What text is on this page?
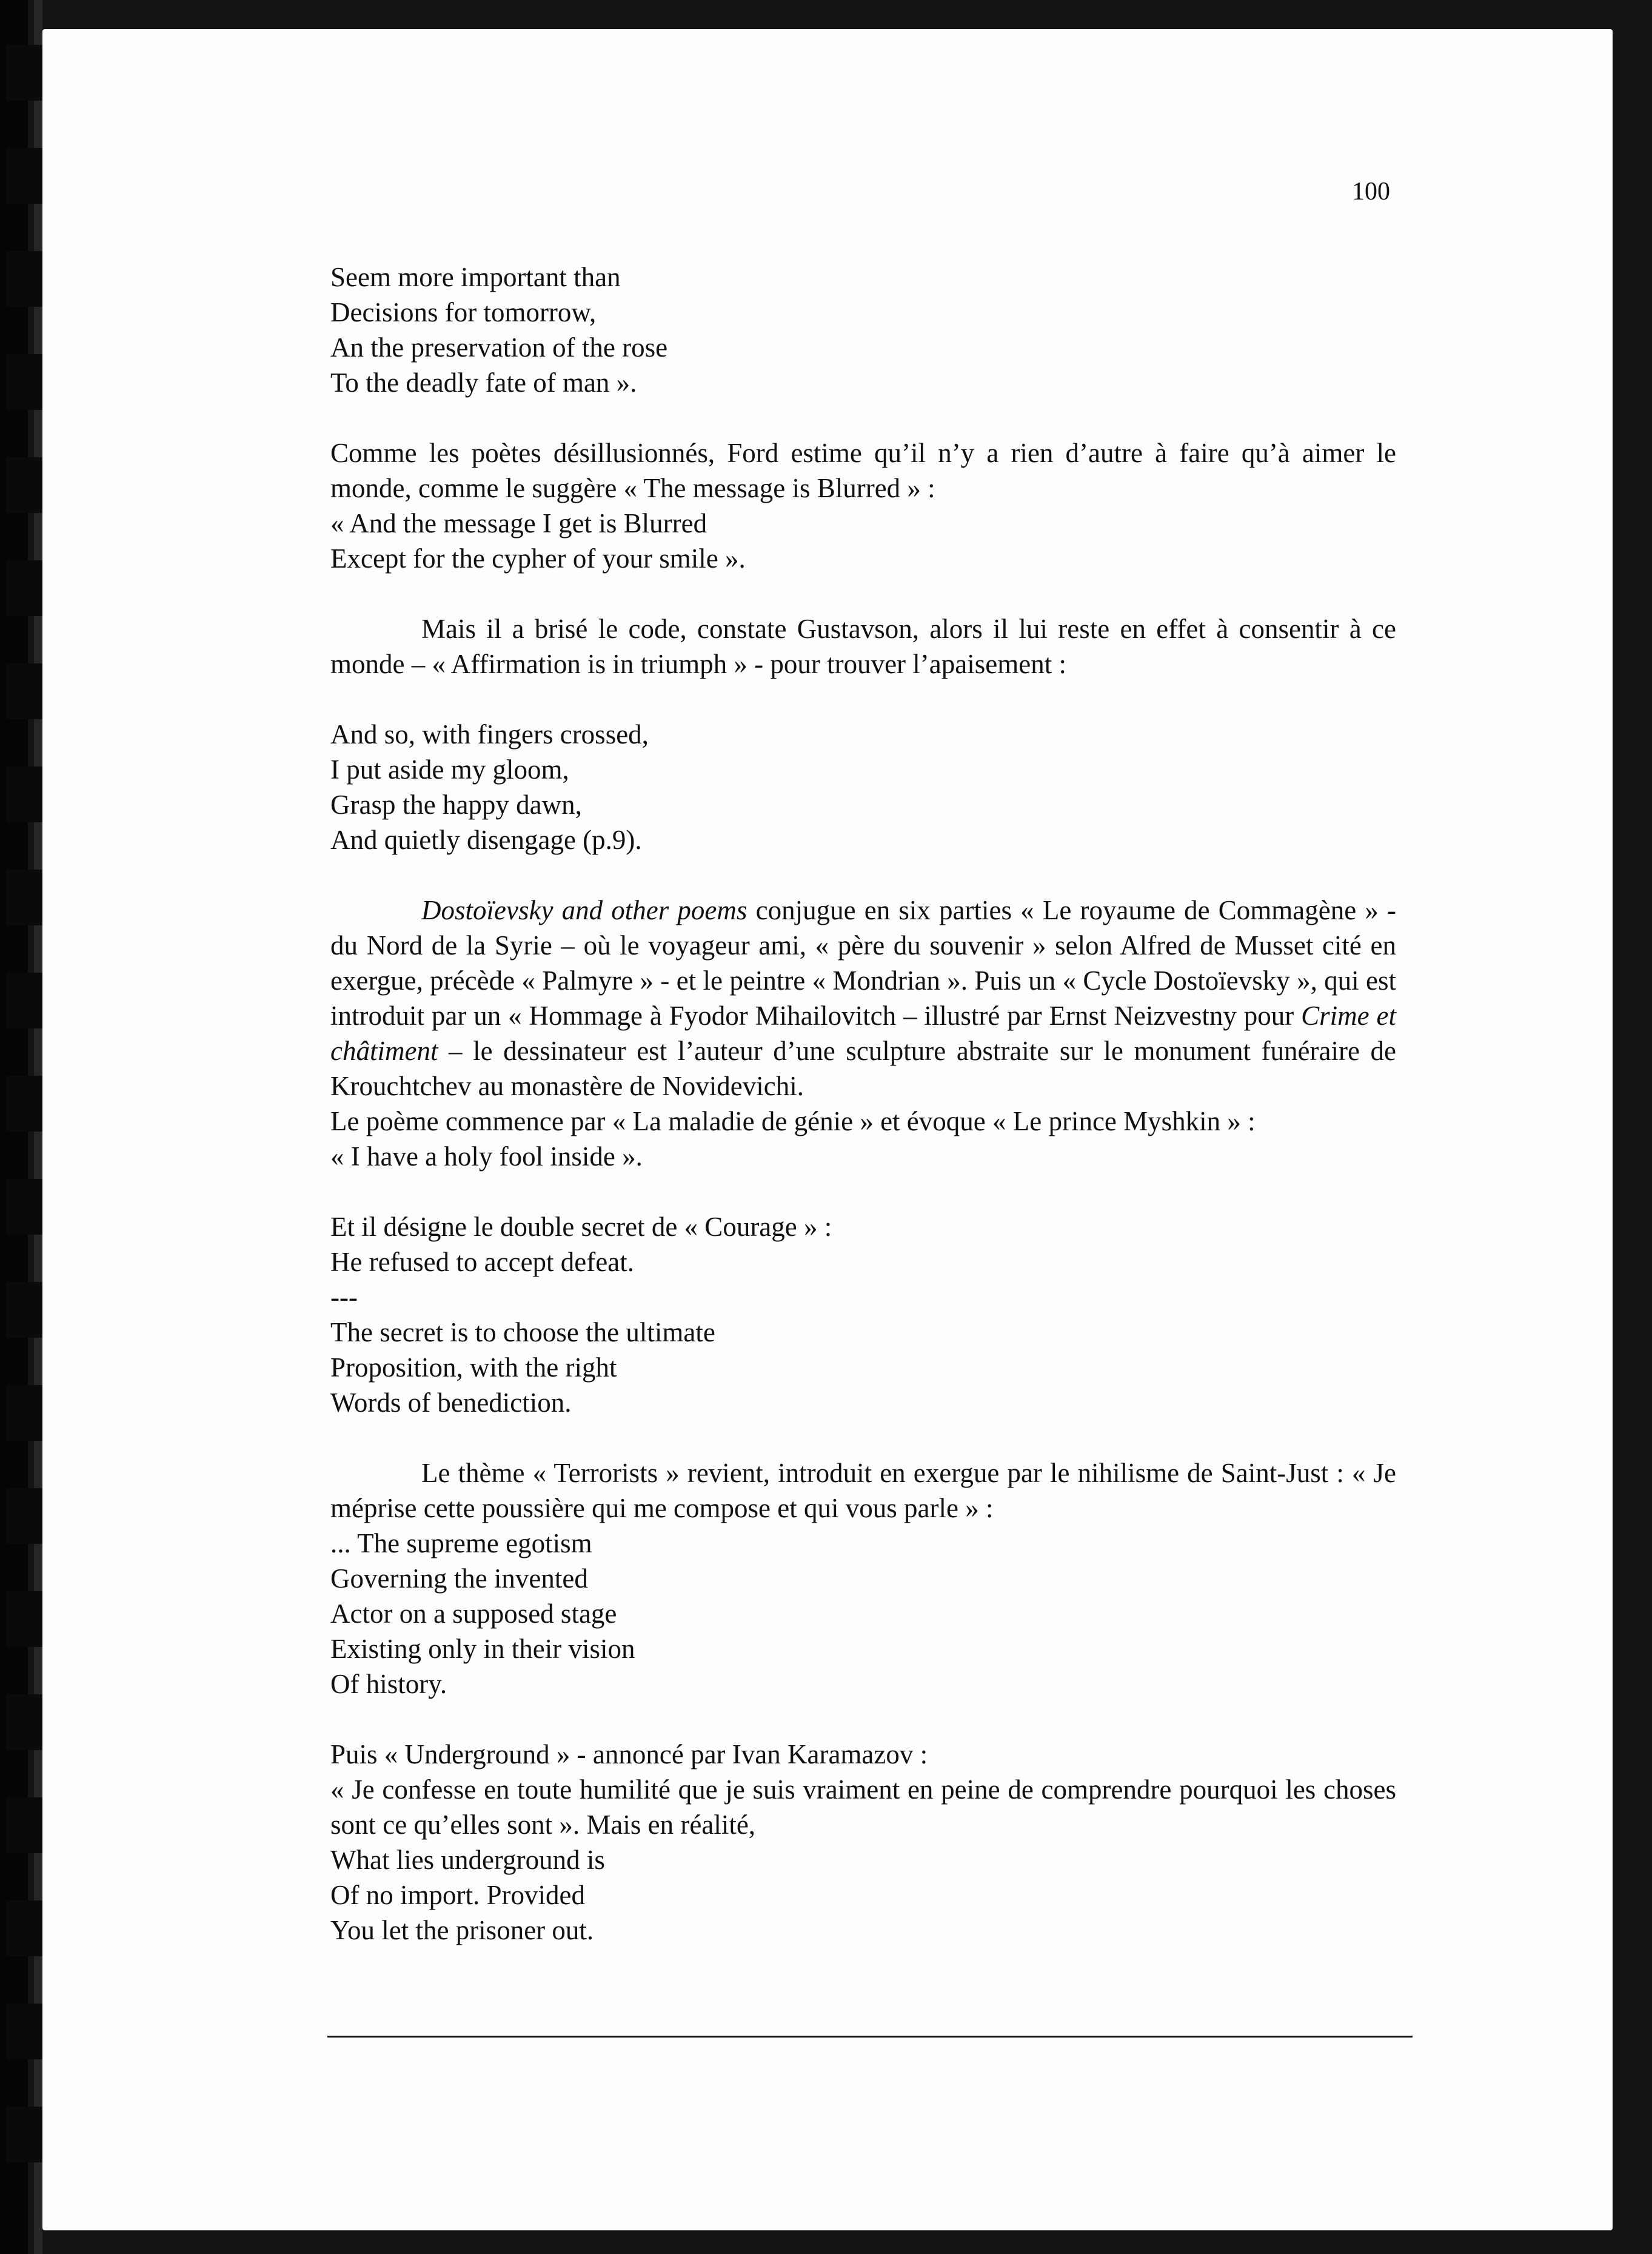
100

Seem more important than
Decisions for tomorrow,
An the preservation of the rose
To the deadly fate of man ».

Comme les poètes désillusionnés, Ford estime qu’il n’y a rien d’autre à faire qu’à aimer le monde, comme le suggère « The message is Blurred » :

« And the message I get is Blurred
Except for the cypher of your smile ».

Mais il a brisé le code, constate Gustavson, alors il lui reste en effet à consentir à ce monde – « Affirmation is in triumph » - pour trouver l’apaisement :

And so, with fingers crossed,
I put aside my gloom,
Grasp the happy dawn,
And quietly disengage (p.9).

Dostoïevsky and other poems conjugue en six parties « Le royaume de Commagène » - du Nord de la Syrie – où le voyageur ami, « père du souvenir » selon Alfred de Musset cité en exergue, précède « Palmyre » - et le peintre « Mondrian ». Puis un « Cycle Dostoïevsky », qui est introduit par un « Hommage à Fyodor Mihailovitch – illustré par Ernst Neizvestny pour Crime et châtiment – le dessinateur est l’auteur d’une sculpture abstraite sur le monument funéraire de Krouchtchev au monastère de Novidevichi.

Le poème commence par « La maladie de génie » et évoque « Le prince Myshkin » :

« I have a holy fool inside ».

Et il désigne le double secret de « Courage » :

He refused to accept defeat.

---

The secret is to choose the ultimate
Proposition, with the right
Words of benediction.

Le thème « Terrorists » revient, introduit en exergue par le nihilisme de Saint-Just : « Je méprise cette poussière qui me compose et qui vous parle » :

... The supreme egotism
Governing the invented
Actor on a supposed stage
Existing only in their vision
Of history.

Puis « Underground » - annoncé par Ivan Karamazov :

« Je confesse en toute humilité que je suis vraiment en peine de comprendre pourquoi les choses sont ce qu’elles sont ». Mais en réalité,

What lies underground is
Of no import. Provided
You let the prisoner out.
